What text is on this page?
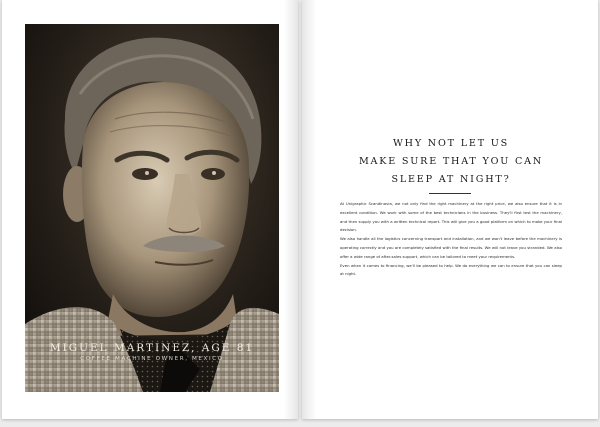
MIGUEL MARTINEZ, AGE 81
COFFEE MACHINE OWNER, MEXICO
WHY NOT LET US
MAKE SURE THAT YOU CAN
SLEEP AT NIGHT?

At Unigraphic Scandinavia, we not only find the right machinery at the right price, we also ensure that it is in excellent condition. We work with some of the best technicians in the business. They'll first test the machinery, and then supply you with a written technical report. This will give you a good platform on which to make your final decision.

We also handle all the logistics concerning transport and installation, and we won't leave before the machinery is operating correctly and you are completely satisfied with the final results. We will not leave you stranded. We also offer a wide range of after-sales support, which can be tailored to meet your requirements.

Even when it comes to financing, we'll be pleased to help. We do everything we can to ensure that you can sleep at night.
